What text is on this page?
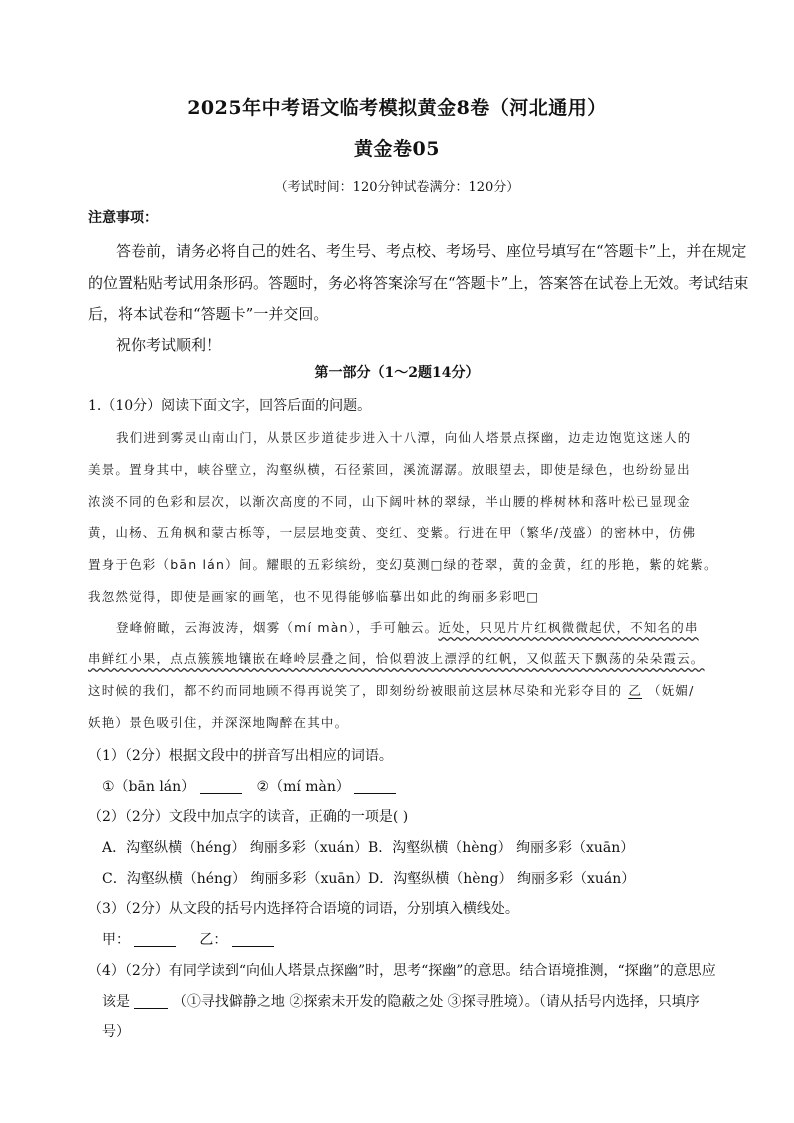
2025年中考语文临考模拟黄金8卷（河北通用）
黄金卷05
（考试时间：120分钟试卷满分：120分）
注意事项：
答卷前，请务必将自己的姓名、考生号、考点校、考场号、座位号填写在“答题卡”上，并在规定
的位置粘贴考试用条形码。答题时，务必将答案涂写在“答题卡”上，答案答在试卷上无效。考试结束
后，将本试卷和“答题卡”一并交回。
祝你考试顺利！
第一部分（1～2题14分）
1.（10分）阅读下面文字，回答后面的问题。
我们进到雾灵山南山门，从景区步道徒步进入十八潭，向仙人塔景点探幽，边走边饱览这迷人的
美景。置身其中，峡谷壁立，沟壑纵横，石径萦回，溪流潺潺。放眼望去，即使是绿色，也纷纷显出
浓淡不同的色彩和层次，以渐次高度的不同，山下阔叶林的翠绿，半山腰的桦树林和落叶松已显现金
黄，山杨、五角枫和蒙古栎等，一层层地变黄、变红、变紫。行进在甲（繁华/茂盛）的密林中，仿佛
置身于色彩（bān lán）间。耀眼的五彩缤纷，变幻莫测□绿的苍翠，黄的金黄，红的彤艳，紫的姹紫。
我忽然觉得，即使是画家的画笔，也不见得能够临摹出如此的绚丽多彩吧□
登峰俯瞰，云海波涛，烟雾（mí màn），手可触云。近处，只见片片红枫微微起伏，不知名的串
串鲜红小果，点点簇簇地镶嵌在峰岭层叠之间，恰似碧波上漂浮的红帆，又似蓝天下飘荡的朵朵霞云。
这时候的我们，都不约而同地顾不得再说笑了，即刻纷纷被眼前这层林尽染和光彩夺目的 乙 （妩媚/
妖艳）景色吸引住，并深深地陶醉在其中。
（1）（2分）根据文段中的拼音写出相应的词语。
①（bān lán）	②（mí màn）
（2）（2分）文段中加点字的读音，正确的一项是( )
A．沟壑纵横（héng） 绚丽多彩（xuán） B．沟壑纵横（hèng） 绚丽多彩（xuān）
C．沟壑纵横（héng） 绚丽多彩（xuān） D．沟壑纵横（hèng） 绚丽多彩（xuán）
（3）（2分）从文段的括号内选择符合语境的词语，分别填入横线处。
甲：	乙：
（4）（2分）有同学读到“向仙人塔景点探幽”时，思考“探幽”的意思。结合语境推测，“探幽”的意思应
该是	（①寻找僻静之地 ②探索未开发的隐蔽之处 ③探寻胜境）。（请从括号内选择，只填序
号）
